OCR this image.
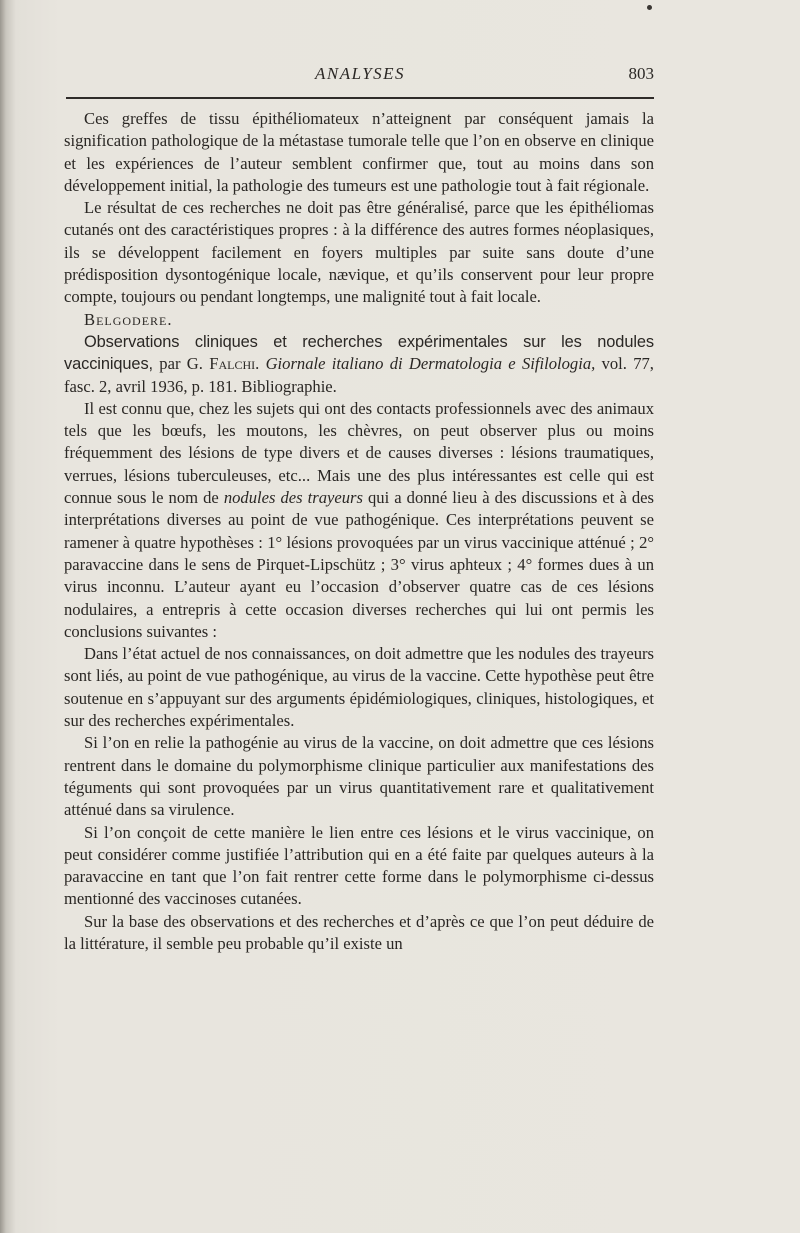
ANALYSES	803

Ces greffes de tissu épithéliomateux n’atteignent par conséquent jamais la signification pathologique de la métastase tumorale telle que l’on en observe en clinique et les expériences de l’auteur semblent confirmer que, tout au moins dans son développement initial, la pathologie des tumeurs est une pathologie tout à fait régionale.

Le résultat de ces recherches ne doit pas être généralisé, parce que les épithéliomas cutanés ont des caractéristiques propres : à la différence des autres formes néoplasiques, ils se développent facilement en foyers multiples par suite sans doute d’une prédisposition dysontogénique locale, nævique, et qu’ils conservent pour leur propre compte, toujours ou pendant longtemps, une malignité tout à fait locale.

Belgodere.

Observations cliniques et recherches expérimentales sur les nodules vaccinіques, par G. Falchi. Giornale italiano di Dermatologia e Sifilologia, vol. 77, fasc. 2, avril 1936, p. 181. Bibliographie.

Il est connu que, chez les sujets qui ont des contacts professionnels avec des animaux tels que les bœufs, les moutons, les chèvres, on peut observer plus ou moins fréquemment des lésions de type divers et de causes diverses : lésions traumatiques, verrues, lésions tuberculeuses, etc... Mais une des plus intéressantes est celle qui est connue sous le nom de nodules des trayeurs qui a donné lieu à des discussions et à des interprétations diverses au point de vue pathogénique. Ces interprétations peuvent se ramener à quatre hypothèses : 1° lésions provoquées par un virus vaccinique atténué ; 2° paravaccine dans le sens de Pirquet-Lipschütz ; 3° virus aphteux ; 4° formes dues à un virus inconnu. L’auteur ayant eu l’occasion d’observer quatre cas de ces lésions nodulaires, a entrepris à cette occasion diverses recherches qui lui ont permis les conclusions suivantes :

Dans l’état actuel de nos connaissances, on doit admettre que les nodules des trayeurs sont liés, au point de vue pathogénique, au virus de la vaccine. Cette hypothèse peut être soutenue en s’appuyant sur des arguments épidémiologiques, cliniques, histologiques, et sur des recherches expérimentales.

Si l’on en relie la pathogénie au virus de la vaccine, on doit admettre que ces lésions rentrent dans le domaine du polymorphisme clinique particulier aux manifestations des téguments qui sont provoquées par un virus quantitativement rare et qualitativement atténué dans sa virulence.

Si l’on conçoit de cette manière le lien entre ces lésions et le virus vaccinique, on peut considérer comme justifiée l’attribution qui en a été faite par quelques auteurs à la paravaccine en tant que l’on fait rentrer cette forme dans le polymorphisme ci-dessus mentionné des vaccinoses cutanées.

Sur la base des observations et des recherches et d’après ce que l’on peut déduire de la littérature, il semble peu probable qu’il existe un
